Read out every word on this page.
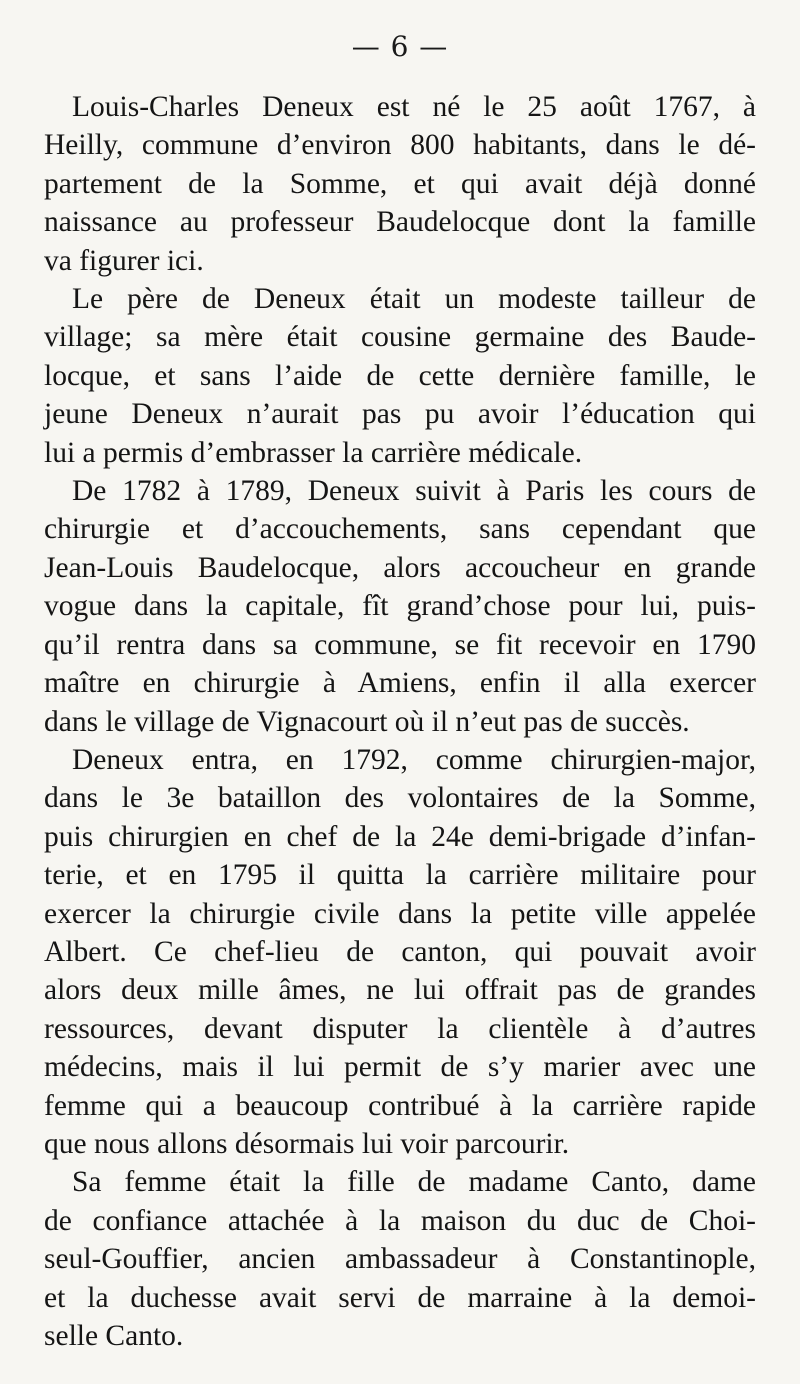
— 6 —

Louis-Charles Deneux est né le 25 août 1767, à
Heilly, commune d’environ 800 habitants, dans le dé-
partement de la Somme, et qui avait déjà donné
naissance au professeur Baudelocque dont la famille
va figurer ici.

Le père de Deneux était un modeste tailleur de
village; sa mère était cousine germaine des Baude-
locque, et sans l’aide de cette dernière famille, le
jeune Deneux n’aurait pas pu avoir l’éducation qui
lui a permis d’embrasser la carrière médicale.

De 1782 à 1789, Deneux suivit à Paris les cours de
chirurgie et d’accouchements, sans cependant que
Jean-Louis Baudelocque, alors accoucheur en grande
vogue dans la capitale, fît grand’chose pour lui, puis-
qu’il rentra dans sa commune, se fit recevoir en 1790
maître en chirurgie à Amiens, enfin il alla exercer
dans le village de Vignacourt où il n’eut pas de succès.

Deneux entra, en 1792, comme chirurgien-major,
dans le 3e bataillon des volontaires de la Somme,
puis chirurgien en chef de la 24e demi-brigade d’infan-
terie, et en 1795 il quitta la carrière militaire pour
exercer la chirurgie civile dans la petite ville appelée
Albert. Ce chef-lieu de canton, qui pouvait avoir
alors deux mille âmes, ne lui offrait pas de grandes
ressources, devant disputer la clientèle à d’autres
médecins, mais il lui permit de s’y marier avec une
femme qui a beaucoup contribué à la carrière rapide
que nous allons désormais lui voir parcourir.

Sa femme était la fille de madame Canto, dame
de confiance attachée à la maison du duc de Choi-
seul-Gouffier, ancien ambassadeur à Constantinople,
et la duchesse avait servi de marraine à la demoi-
selle Canto.
